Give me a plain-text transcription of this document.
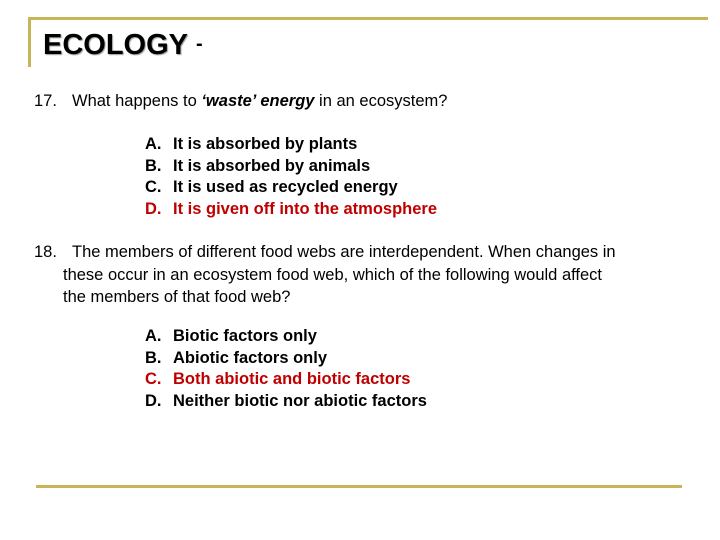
ECOLOGY -
17. What happens to ‘waste’ energy in an ecosystem?
A. It is absorbed by plants
B. It is absorbed by animals
C. It is used as recycled energy
D. It is given off into the atmosphere
18. The members of different food webs are interdependent. When changes in
these occur in an ecosystem food web, which of the following would affect
the members of that food web?
A. Biotic factors only
B. Abiotic factors only
C. Both abiotic and biotic factors
D. Neither biotic nor abiotic factors
